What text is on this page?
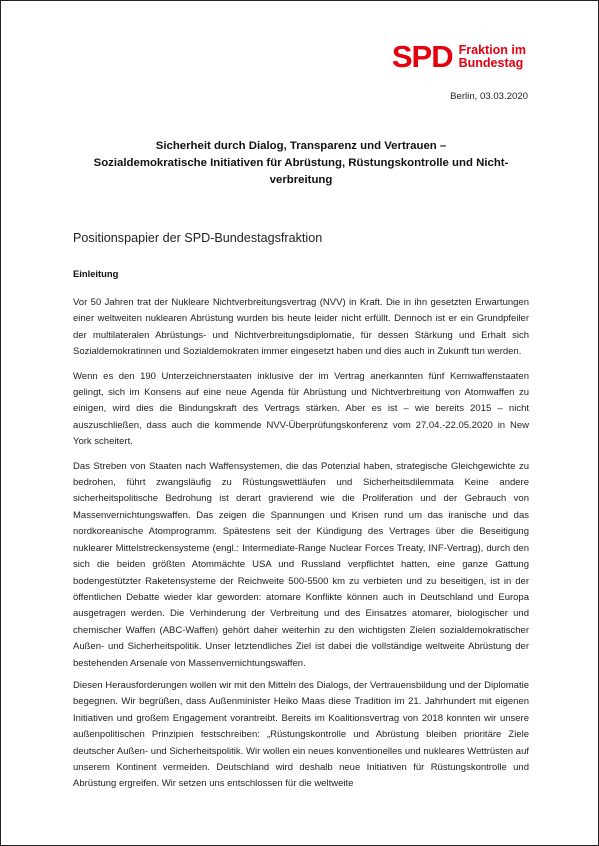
SPD Fraktion im
Bundestag
Berlin, 03.03.2020
Sicherheit durch Dialog, Transparenz und Vertrauen –
Sozialdemokratische Initiativen für Abrüstung, Rüstungskontrolle und Nicht-
verbreitung
Positionspapier der SPD-Bundestagsfraktion
Einleitung

Vor 50 Jahren trat der Nukleare Nichtverbreitungsvertrag (NVV) in Kraft. Die in ihn gesetzten Erwartungen einer weltweiten nuklearen Abrüstung wurden bis heute leider nicht erfüllt. Dennoch ist er ein Grundpfeiler der multilateralen Abrüstungs- und Nichtverbreitungsdiplomatie, für dessen Stärkung und Erhalt sich Sozialdemokratinnen und Sozialdemokraten immer eingesetzt haben und dies auch in Zukunft tun werden.

Wenn es den 190 Unterzeichnerstaaten inklusive der im Vertrag anerkannten fünf Kernwaffenstaaten gelingt, sich im Konsens auf eine neue Agenda für Abrüstung und Nichtverbreitung von Atomwaffen zu einigen, wird dies die Bindungskraft des Vertrags stärken. Aber es ist – wie bereits 2015 – nicht auszuschließen, dass auch die kommende NVV-Überprüfungskonferenz vom 27.04.-22.05.2020 in New York scheitert.

Das Streben von Staaten nach Waffensystemen, die das Potenzial haben, strategische Gleichgewichte zu bedrohen, führt zwangsläufig zu Rüstungswettläufen und Sicherheitsdilemmata Keine andere sicherheitspolitische Bedrohung ist derart gravierend wie die Proliferation und der Gebrauch von Massenvernichtungswaffen. Das zeigen die Spannungen und Krisen rund um das iranische und das nordkoreanische Atomprogramm. Spätestens seit der Kündigung des Vertrages über die Beseitigung nuklearer Mittelstreckensysteme (engl.: Intermediate-Range Nuclear Forces Treaty, INF-Vertrag), durch den sich die beiden größten Atommächte USA und Russland verpflichtet hatten, eine ganze Gattung bodengestützter Raketensysteme der Reichweite 500-5500 km zu verbieten und zu beseitigen, ist in der öffentlichen Debatte wieder klar geworden: atomare Konflikte können auch in Deutschland und Europa ausgetragen werden. Die Verhinderung der Verbreitung und des Einsatzes atomarer, biologischer und chemischer Waffen (ABC-Waffen) gehört daher weiterhin zu den wichtigsten Zielen sozialdemokratischer Außen- und Sicherheitspolitik. Unser letztendliches Ziel ist dabei die vollständige weltweite Abrüstung der bestehenden Arsenale von Massenvernichtungswaffen.

Diesen Herausforderungen wollen wir mit den Mitteln des Dialogs, der Vertrauensbildung und der Diplomatie begegnen. Wir begrüßen, dass Außenminister Heiko Maas diese Tradition im 21. Jahrhundert mit eigenen Initiativen und großem Engagement vorantreibt. Bereits im Koalitionsvertrag von 2018 konnten wir unsere außenpolitischen Prinzipien festschreiben: „Rüstungskontrolle und Abrüstung bleiben prioritäre Ziele deutscher Außen- und Sicherheitspolitik. Wir wollen ein neues konventionelles und nukleares Wettrüsten auf unserem Kontinent vermeiden. Deutschland wird deshalb neue Initiativen für Rüstungskontrolle und Abrüstung ergreifen. Wir setzen uns entschlossen für die weltweite
